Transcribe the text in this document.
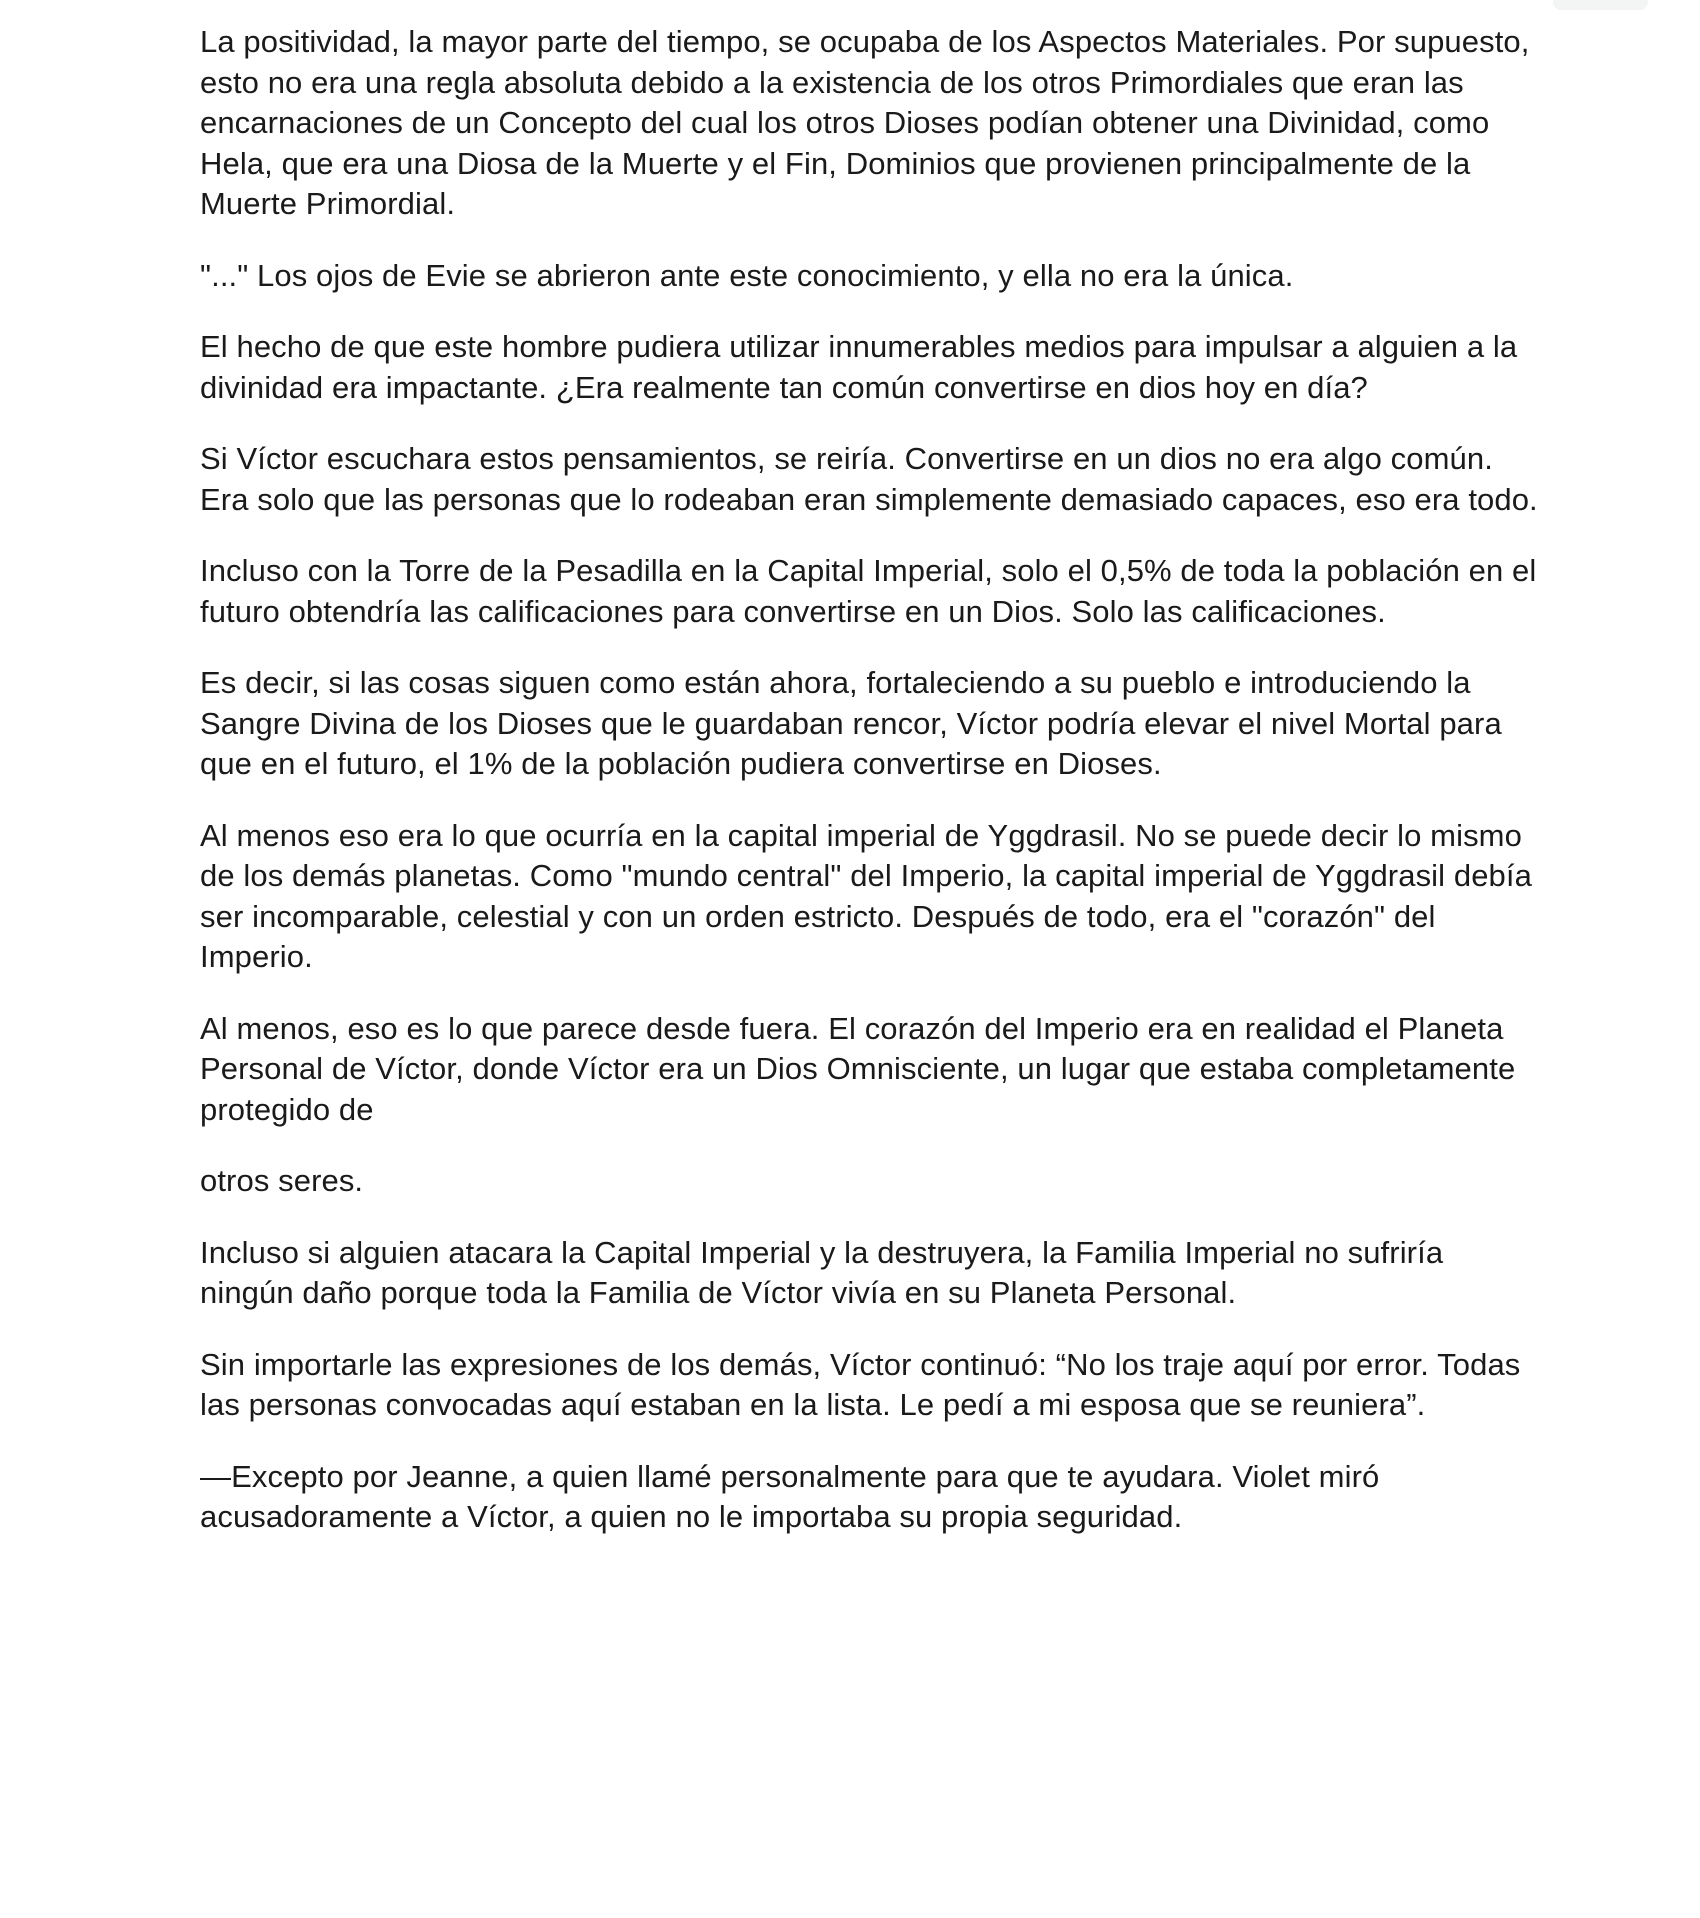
La positividad, la mayor parte del tiempo, se ocupaba de los Aspectos Materiales. Por supuesto, esto no era una regla absoluta debido a la existencia de los otros Primordiales que eran las encarnaciones de un Concepto del cual los otros Dioses podían obtener una Divinidad, como Hela, que era una Diosa de la Muerte y el Fin, Dominios que provienen principalmente de la Muerte Primordial.

"..." Los ojos de Evie se abrieron ante este conocimiento, y ella no era la única.

El hecho de que este hombre pudiera utilizar innumerables medios para impulsar a alguien a la divinidad era impactante. ¿Era realmente tan común convertirse en dios hoy en día?

Si Víctor escuchara estos pensamientos, se reiría. Convertirse en un dios no era algo común. Era solo que las personas que lo rodeaban eran simplemente demasiado capaces, eso era todo.

Incluso con la Torre de la Pesadilla en la Capital Imperial, solo el 0,5% de toda la población en el futuro obtendría las calificaciones para convertirse en un Dios. Solo las calificaciones.

Es decir, si las cosas siguen como están ahora, fortaleciendo a su pueblo e introduciendo la Sangre Divina de los Dioses que le guardaban rencor, Víctor podría elevar el nivel Mortal para que en el futuro, el 1% de la población pudiera convertirse en Dioses.

Al menos eso era lo que ocurría en la capital imperial de Yggdrasil. No se puede decir lo mismo de los demás planetas. Como "mundo central" del Imperio, la capital imperial de Yggdrasil debía ser incomparable, celestial y con un orden estricto. Después de todo, era el "corazón" del Imperio.

Al menos, eso es lo que parece desde fuera. El corazón del Imperio era en realidad el Planeta Personal de Víctor, donde Víctor era un Dios Omnisciente, un lugar que estaba completamente protegido de

otros seres.

Incluso si alguien atacara la Capital Imperial y la destruyera, la Familia Imperial no sufriría ningún daño porque toda la Familia de Víctor vivía en su Planeta Personal.

Sin importarle las expresiones de los demás, Víctor continuó: “No los traje aquí por error. Todas las personas convocadas aquí estaban en la lista. Le pedí a mi esposa que se reuniera”.

—Excepto por Jeanne, a quien llamé personalmente para que te ayudara. Violet miró acusadoramente a Víctor, a quien no le importaba su propia seguridad.
